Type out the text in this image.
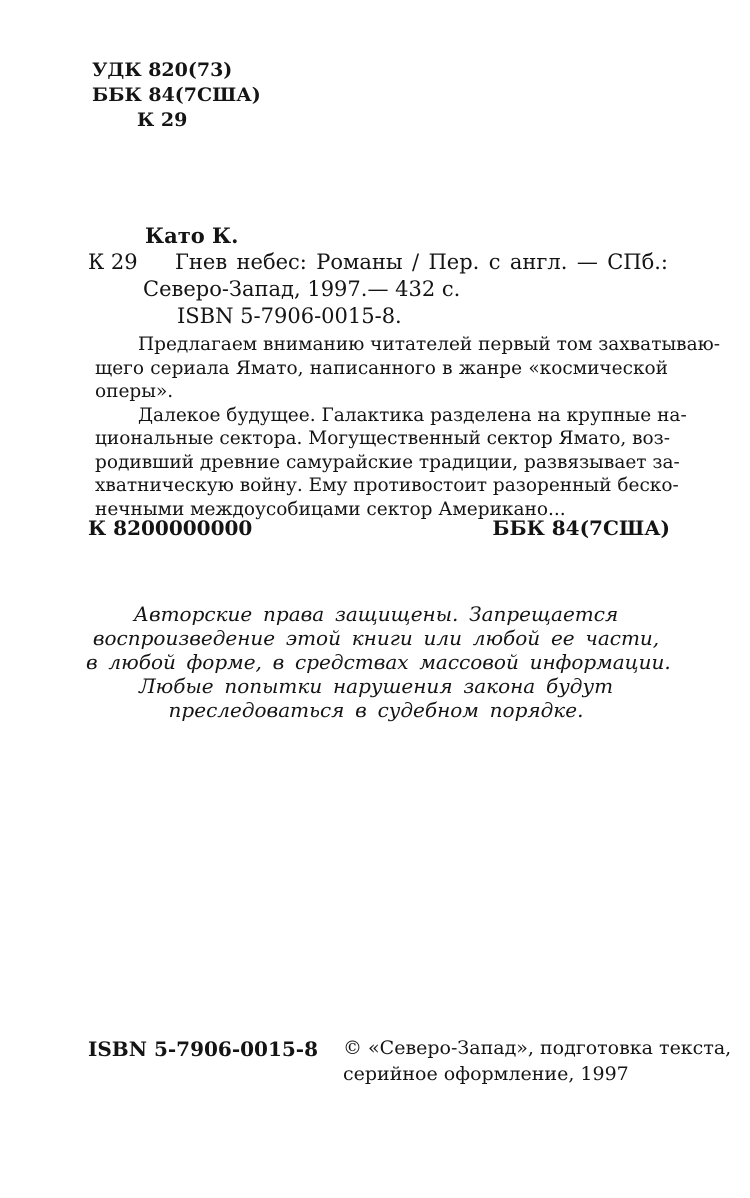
УДК 820(73)
ББК 84(7США)
К 29
Като К.
К 29	Гнев небес: Романы / Пер. с англ. — СПб.:
Северо-Запад, 1997.— 432 с.
ISBN 5-7906-0015-8.
Предлагаем вниманию читателей первый том захватываю-
щего сериала Ямато, написанного в жанре «космической
оперы».
Далекое будущее. Галактика разделена на крупные на-
циональные сектора. Могущественный сектор Ямато, воз-
родивший древние самурайские традиции, развязывает за-
хватническую войну. Ему противостоит разоренный беско-
нечными междоусобицами сектор Американо...
К 8200000000	ББК 84(7США)
Авторские права защищены. Запрещается
воспроизведение этой книги или любой ее части,
в любой форме, в средствах массовой информации.
Любые попытки нарушения закона будут
преследоваться в судебном порядке.
ISBN 5-7906-0015-8 © «Северо-Запад», подготовка текста,
серийное оформление, 1997
